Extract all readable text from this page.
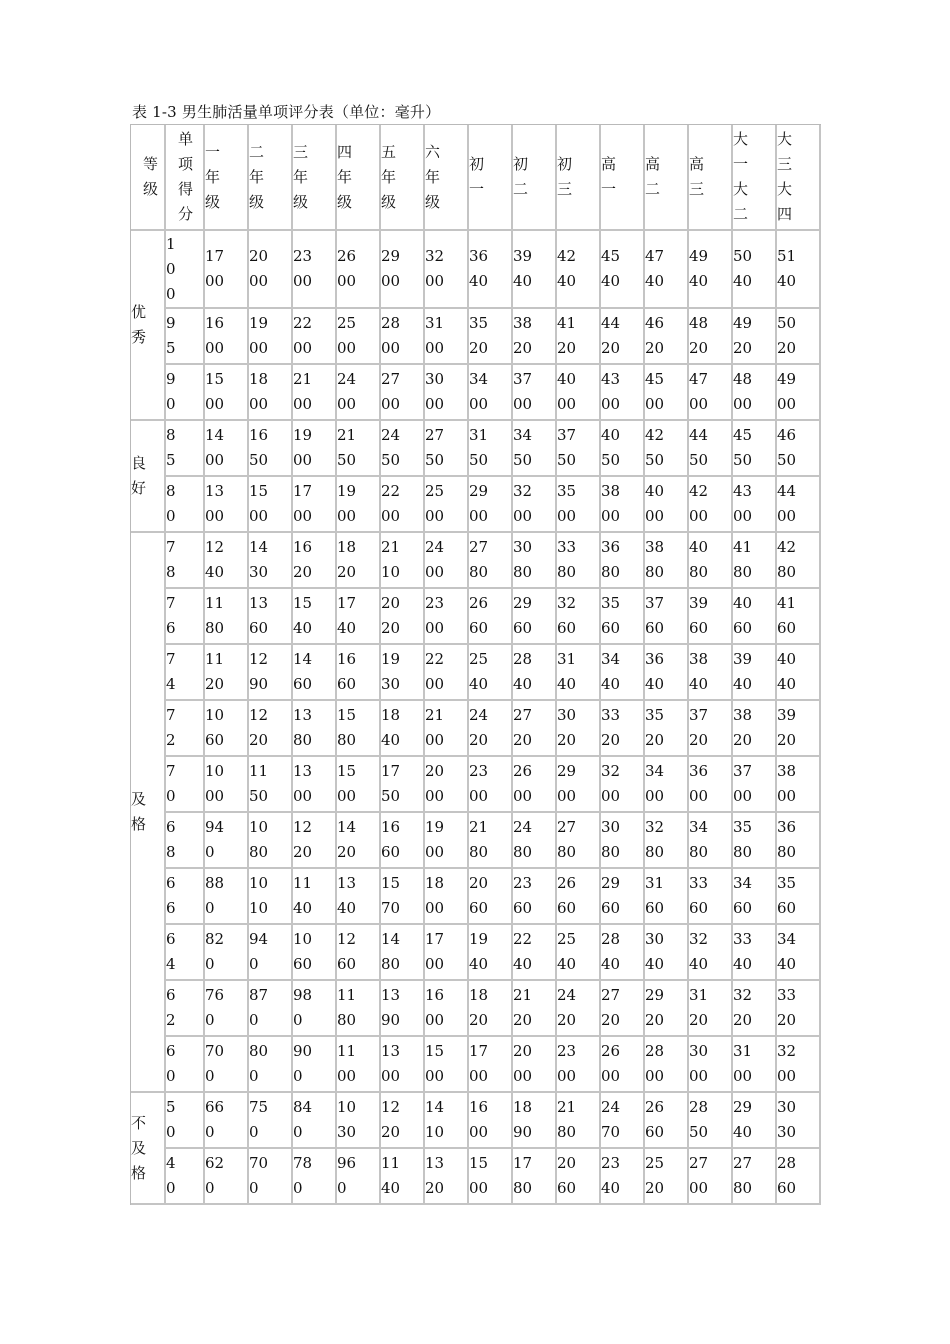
表 1-3 男生肺活量单项评分表（单位：毫升）
等级	单项得分	一年级	二年级	三年级	四年级	五年级	六年级	初一	初二	初三	高一	高二	高三	大一大二	大三大四

优秀	100	1700	2000	2300	2600	2900	3200	3640	3940	4240	4540	4740	4940	5040	5140

	95	1600	1900	2200	2500	2800	3100	3520	3820	4120	4420	4620	4820	4920	5020

	90	1500	1800	2100	2400	2700	3000	3400	3700	4000	4300	4500	4700	4800	4900

良好	85	1400	1650	1900	2150	2450	2750	3150	3450	3750	4050	4250	4450	4550	4650

	80	1300	1500	1700	1900	2200	2500	2900	3200	3500	3800	4000	4200	4300	4400

及格	78	1240	1430	1620	1820	2110	2400	2780	3080	3380	3680	3880	4080	4180	4280

	76	1180	1360	1540	1740	2020	2300	2660	2960	3260	3560	3760	3960	4060	4160

	74	1120	1290	1460	1660	1930	2200	2540	2840	3140	3440	3640	3840	3940	4040

	72	1060	1220	1380	1580	1840	2100	2420	2720	3020	3320	3520	3720	3820	3920

	70	1000	1150	1300	1500	1750	2000	2300	2600	2900	3200	3400	3600	3700	3800

	68	940	1080	1220	1420	1660	1900	2180	2480	2780	3080	3280	3480	3580	3680

	66	880	1010	1140	1340	1570	1800	2060	2360	2660	2960	3160	3360	3460	3560

	64	820	940	1060	1260	1480	1700	1940	2240	2540	2840	3040	3240	3340	3440

	62	760	870	980	1180	1390	1600	1820	2120	2420	2720	2920	3120	3220	3320

	60	700	800	900	1100	1300	1500	1700	2000	2300	2600	2800	3000	3100	3200

不及格	50	660	750	840	1030	1220	1410	1600	1890	2180	2470	2660	2850	2940	3030

	40	620	700	780	960	1140	1320	1500	1780	2060	2340	2520	2700	2780	2860
